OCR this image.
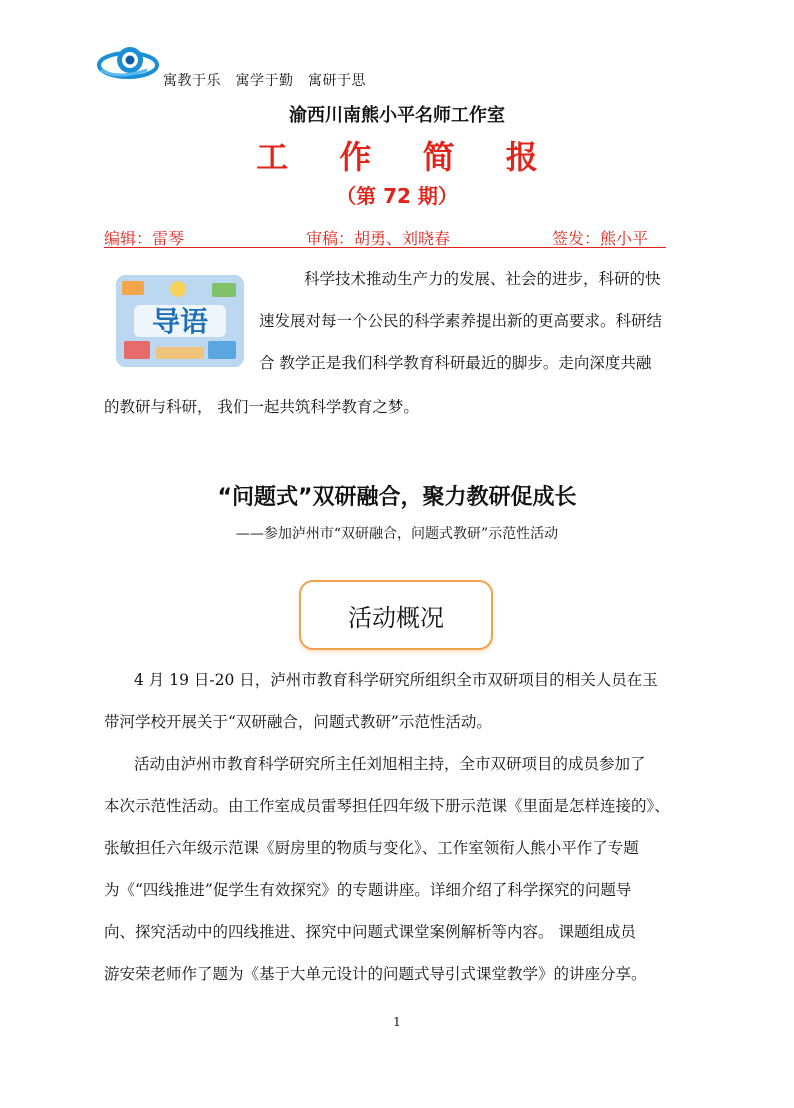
寓教于乐　寓学于勤　寓研于思
渝西川南熊小平名师工作室
工 作 简 报
（第 72 期）
编辑：雷琴	审稿：胡勇、刘晓春	签发：熊小平
导语
科学技术推动生产力的发展、社会的进步，科研的快
速发展对每一个公民的科学素养提出新的更高要求。科研结
合 教学正是我们科学教育科研最近的脚步。走向深度共融
的教研与科研， 我们一起共筑科学教育之梦。
“问题式”双研融合，聚力教研促成长
——参加泸州市“双研融合，问题式教研”示范性活动
活动概况
4 月 19 日-20 日，泸州市教育科学研究所组织全市双研项目的相关人员在玉
带河学校开展关于“双研融合，问题式教研”示范性活动。
活动由泸州市教育科学研究所主任刘旭相主持，全市双研项目的成员参加了
本次示范性活动。由工作室成员雷琴担任四年级下册示范课《里面是怎样连接的》、
张敏担任六年级示范课《厨房里的物质与变化》、工作室领衔人熊小平作了专题
为《“四线推进”促学生有效探究》的专题讲座。详细介绍了科学探究的问题导
向、探究活动中的四线推进、探究中问题式课堂案例解析等内容。 课题组成员
游安荣老师作了题为《基于大单元设计的问题式导引式课堂教学》的讲座分享。
1
